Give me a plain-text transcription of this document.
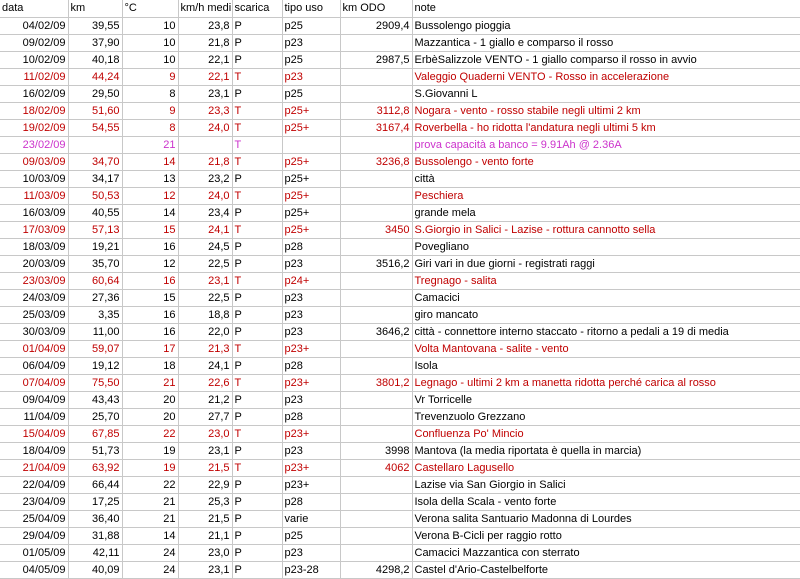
data	km	°C	km/h medi	scarica	tipo uso	km ODO	note
04/02/09	39,55	10	23,8	P	p25	2909,4	Bussolengo pioggia
09/02/09	37,90	10	21,8	P	p23		Mazzantica - 1 giallo e comparso il rosso
10/02/09	40,18	10	22,1	P	p25	2987,5	ErbèSalizzole VENTO - 1 giallo comparso il rosso in avvio
11/02/09	44,24	9	22,1	T	p23		Valeggio Quaderni VENTO - Rosso in accelerazione
16/02/09	29,50	8	23,1	P	p25		S.Giovanni L
18/02/09	51,60	9	23,3	T	p25+	3112,8	Nogara - vento - rosso stabile negli ultimi 2 km
19/02/09	54,55	8	24,0	T	p25+	3167,4	Roverbella - ho ridotta l'andatura negli ultimi 5 km
23/02/09		21		T			prova capacità a banco = 9.91Ah @ 2.36A
09/03/09	34,70	14	21,8	T	p25+	3236,8	Bussolengo - vento forte
10/03/09	34,17	13	23,2	P	p25+		città
11/03/09	50,53	12	24,0	T	p25+		Peschiera
16/03/09	40,55	14	23,4	P	p25+		grande mela
17/03/09	57,13	15	24,1	T	p25+	3450	S.Giorgio in Salici - Lazise - rottura cannotto sella
18/03/09	19,21	16	24,5	P	p28		Povegliano
20/03/09	35,70	12	22,5	P	p23	3516,2	Giri vari in due giorni - registrati raggi
23/03/09	60,64	16	23,1	T	p24+		Tregnago - salita
24/03/09	27,36	15	22,5	P	p23		Camacici
25/03/09	3,35	16	18,8	P	p23		giro mancato
30/03/09	11,00	16	22,0	P	p23	3646,2	città - connettore interno staccato - ritorno a pedali a 19 di media
01/04/09	59,07	17	21,3	T	p23+		Volta Mantovana - salite - vento
06/04/09	19,12	18	24,1	P	p28		Isola
07/04/09	75,50	21	22,6	T	p23+	3801,2	Legnago - ultimi 2 km a manetta ridotta perché carica al rosso
09/04/09	43,43	20	21,2	P	p23		Vr Torricelle
11/04/09	25,70	20	27,7	P	p28		Trevenzuolo Grezzano
15/04/09	67,85	22	23,0	T	p23+		Confluenza Po' Mincio
18/04/09	51,73	19	23,1	P	p23	3998	Mantova (la media riportata è quella in marcia)
21/04/09	63,92	19	21,5	T	p23+	4062	Castellaro Lagusello
22/04/09	66,44	22	22,9	P	p23+		Lazise via San Giorgio in Salici
23/04/09	17,25	21	25,3	P	p28		Isola della Scala - vento forte
25/04/09	36,40	21	21,5	P	varie		Verona salita Santuario Madonna di Lourdes
29/04/09	31,88	14	21,1	P	p25		Verona B-Cicli per raggio rotto
01/05/09	42,11	24	23,0	P	p23		Camacici Mazzantica con sterrato
04/05/09	40,09	24	23,1	P	p23-28	4298,2	Castel d'Ario-Castelbelforte
